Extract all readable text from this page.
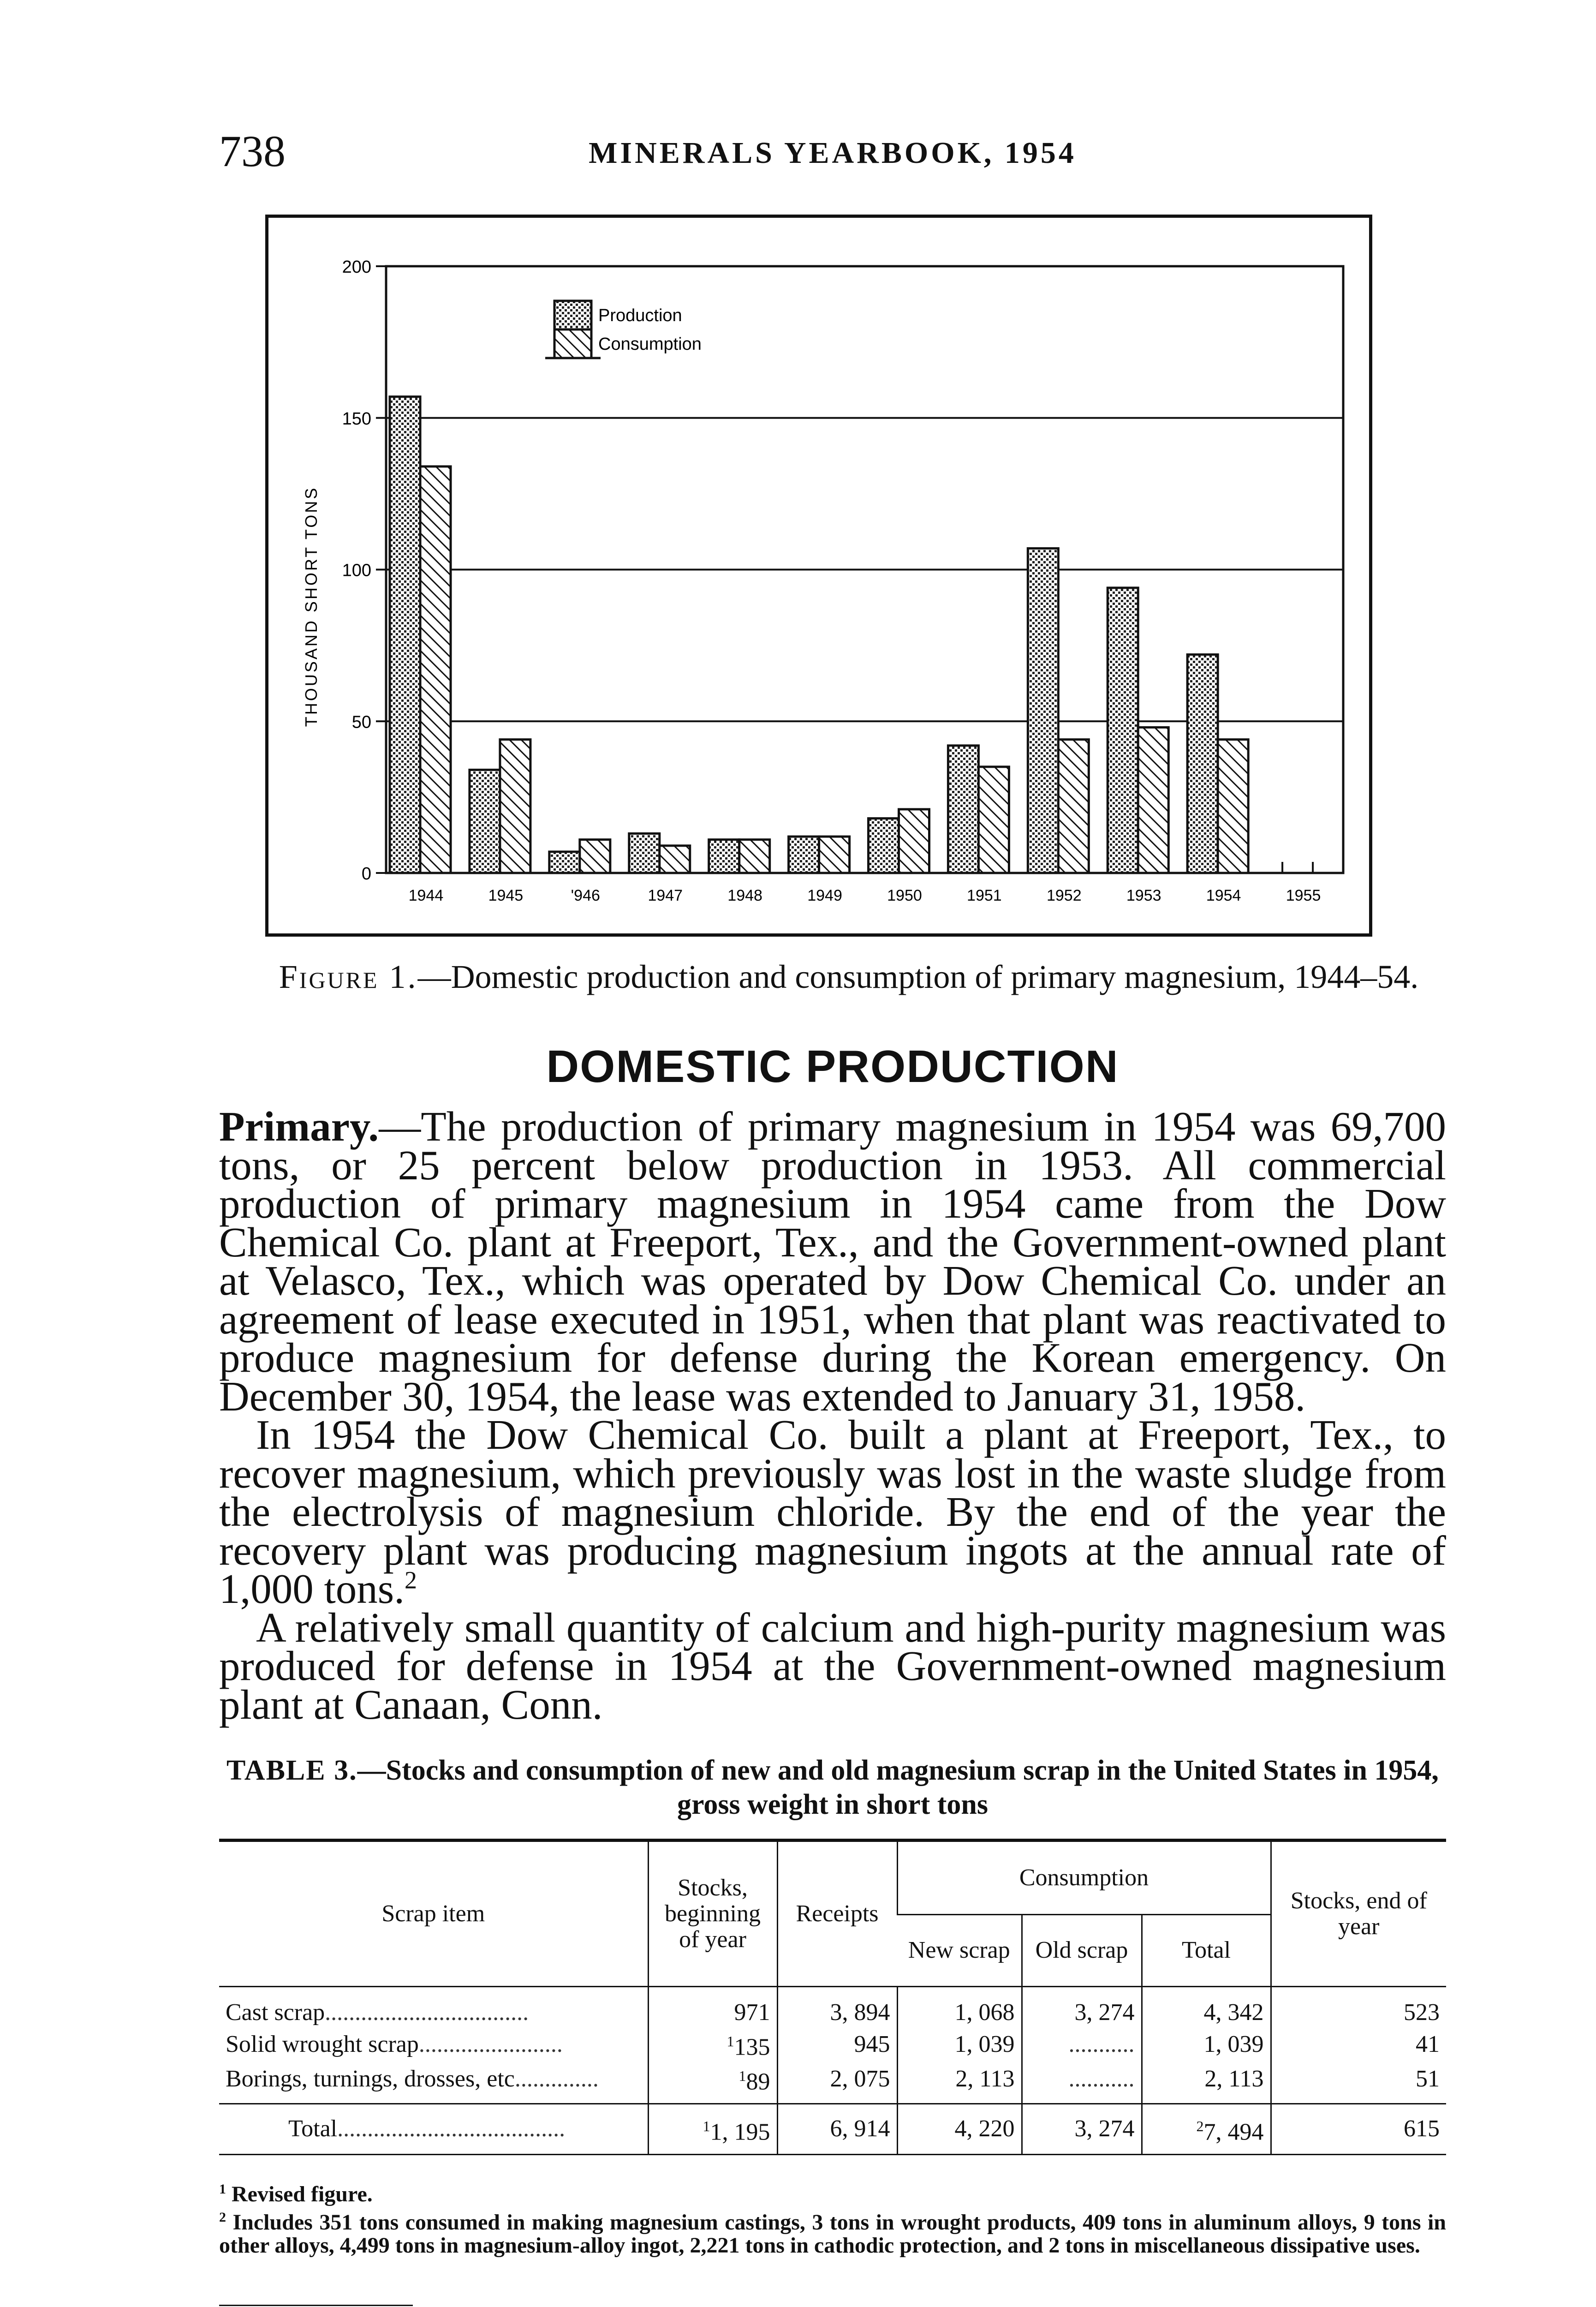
738	MINERALS YEARBOOK, 1954
0
50
100
150
200
THOUSAND SHORT TONS
1944	1945	'946	1947	1948	1949	1950	1951	1952	1953	1954	1955
Production
Consumption
Figure 1.—Domestic production and consumption of primary magnesium, 1944–54.
DOMESTIC PRODUCTION

Primary.—The production of primary magnesium in 1954 was 69,700 tons, or 25 percent below production in 1953. All commercial production of primary magnesium in 1954 came from the Dow Chemical Co. plant at Freeport, Tex., and the Government-owned plant at Velasco, Tex., which was operated by Dow Chemical Co. under an agreement of lease executed in 1951, when that plant was reactivated to produce magnesium for defense during the Korean emergency. On December 30, 1954, the lease was extended to January 31, 1958.

In 1954 the Dow Chemical Co. built a plant at Freeport, Tex., to recover magnesium, which previously was lost in the waste sludge from the electrolysis of magnesium chloride. By the end of the year the recovery plant was producing magnesium ingots at the annual rate of 1,000 tons.$^2$

A relatively small quantity of calcium and high-purity magnesium was produced for defense in 1954 at the Government-owned magnesium plant at Canaan, Conn.

TABLE 3.—Stocks and consumption of new and old magnesium scrap in the United States in 1954, gross weight in short tons
Scrap item	Stocks, beginning of year	Receipts	Consumption			Stocks, end of year
			New scrap	Old scrap	Total	
Cast scrap..................................	971	3, 894	1, 068	3, 274	4, 342	523
Solid wrought scrap........................	$^1$135	945	1, 039	...........	1, 039	41
Borings, turnings, drosses, etc..............	$^1$89	2, 075	2, 113	...........	2, 113	51
Total......................................	$^1$1, 195	6, 914	4, 220	3, 274	$^2$7, 494	615

$^1$ Revised figure.

$^2$ Includes 351 tons consumed in making magnesium castings, 3 tons in wrought products, 409 tons in aluminum alloys, 9 tons in other alloys, 4,499 tons in magnesium-alloy ingot, 2,221 tons in cathodic protection, and 2 tons in miscellaneous dissipative uses.
